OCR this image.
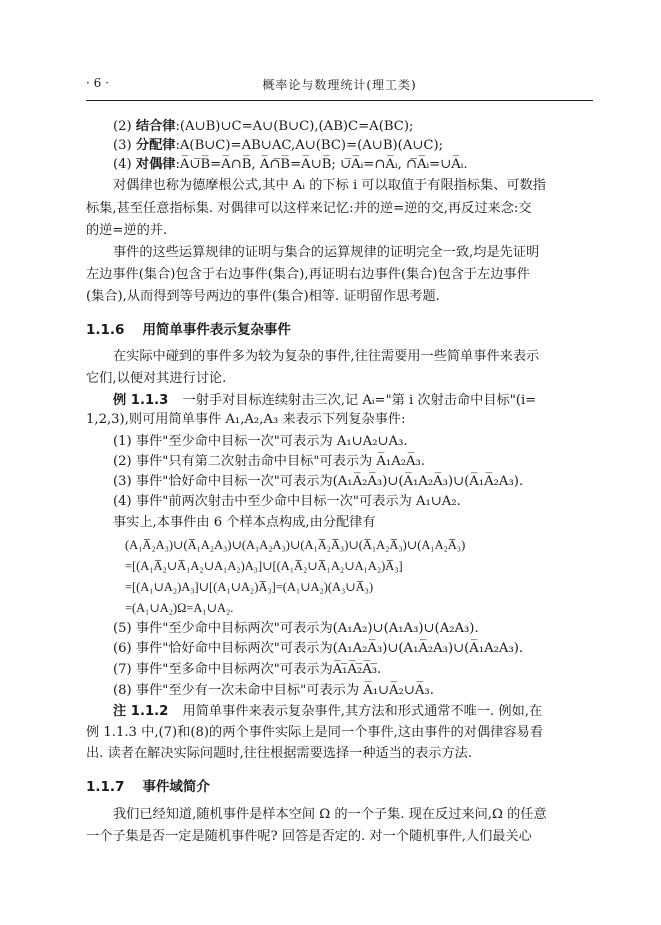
· 6 ·	概率论与数理统计(理工类)
(2) 结合律:(A∪B)∪C=A∪(B∪C),(AB)C=A(BC);
(3) 分配律:A(B∪C)=AB∪AC,A∪(BC)=(A∪B)(A∪C);
(4) 对偶律:A̅∪̅B̅=A̅∩B̅, A̅∩̅B̅=A̅∪B̅; ∪̅A̅ᵢ=∩A̅ᵢ, ∩̅A̅ᵢ=∪A̅ᵢ.
对偶律也称为德摩根公式,其中 Aᵢ 的下标 i 可以取值于有限指标集、可数指
标集,甚至任意指标集. 对偶律可以这样来记忆:并的逆=逆的交,再反过来念:交
的逆=逆的并.
事件的这些运算规律的证明与集合的运算规律的证明完全一致,均是先证明
左边事件(集合)包含于右边事件(集合),再证明右边事件(集合)包含于左边事件
(集合),从而得到等号两边的事件(集合)相等. 证明留作思考题.
1.1.6 用简单事件表示复杂事件
在实际中碰到的事件多为较为复杂的事件,往往需要用一些简单事件来表示
它们,以便对其进行讨论.
例 1.1.3 一射手对目标连续射击三次,记 Aᵢ="第 i 次射击命中目标"(i=
1,2,3),则可用简单事件 A₁,A₂,A₃ 来表示下列复杂事件:
(1) 事件"至少命中目标一次"可表示为 A₁∪A₂∪A₃.
(2) 事件"只有第二次射击命中目标"可表示为 A̅₁A₂A̅₃.
(3) 事件"恰好命中目标一次"可表示为(A₁A̅₂A̅₃)∪(A̅₁A₂A̅₃)∪(A̅₁A̅₂A₃).
(4) 事件"前两次射击中至少命中目标一次"可表示为 A₁∪A₂.
事实上,本事件由 6 个样本点构成,由分配律有
(A₁A̅₂A₃)∪(A̅₁A₂A₃)∪(A₁A₂A₃)∪(A₁A̅₂A̅₃)∪(A̅₁A₂A̅₃)∪(A₁A₂A̅₃)
=[(A₁A̅₂∪A̅₁A₂∪A₁A₂)A₃]∪[(A₁A̅₂∪A̅₁A₂∪A₁A₂)A̅₃]
=[(A₁∪A₂)A₃]∪[(A₁∪A₂)A̅₃]=(A₁∪A₂)(A₃∪A̅₃)
=(A₁∪A₂)Ω=A₁∪A₂.
(5) 事件"至少命中目标两次"可表示为(A₁A₂)∪(A₁A₃)∪(A₂A₃).
(6) 事件"恰好命中目标两次"可表示为(A₁A₂A̅₃)∪(A₁A̅₂A₃)∪(A̅₁A₂A₃).
(7) 事件"至多命中目标两次"可表示为A̅₁̅A̅₂̅A̅₃̅.
(8) 事件"至少有一次未命中目标"可表示为 A̅₁∪A̅₂∪A̅₃.
注 1.1.2 用简单事件来表示复杂事件,其方法和形式通常不唯一. 例如,在
例 1.1.3 中,(7)和(8)的两个事件实际上是同一个事件,这由事件的对偶律容易看
出. 读者在解决实际问题时,往往根据需要选择一种适当的表示方法.
1.1.7 事件域简介
我们已经知道,随机事件是样本空间 Ω 的一个子集. 现在反过来问,Ω 的任意
一个子集是否一定是随机事件呢? 回答是否定的. 对一个随机事件,人们最关心
